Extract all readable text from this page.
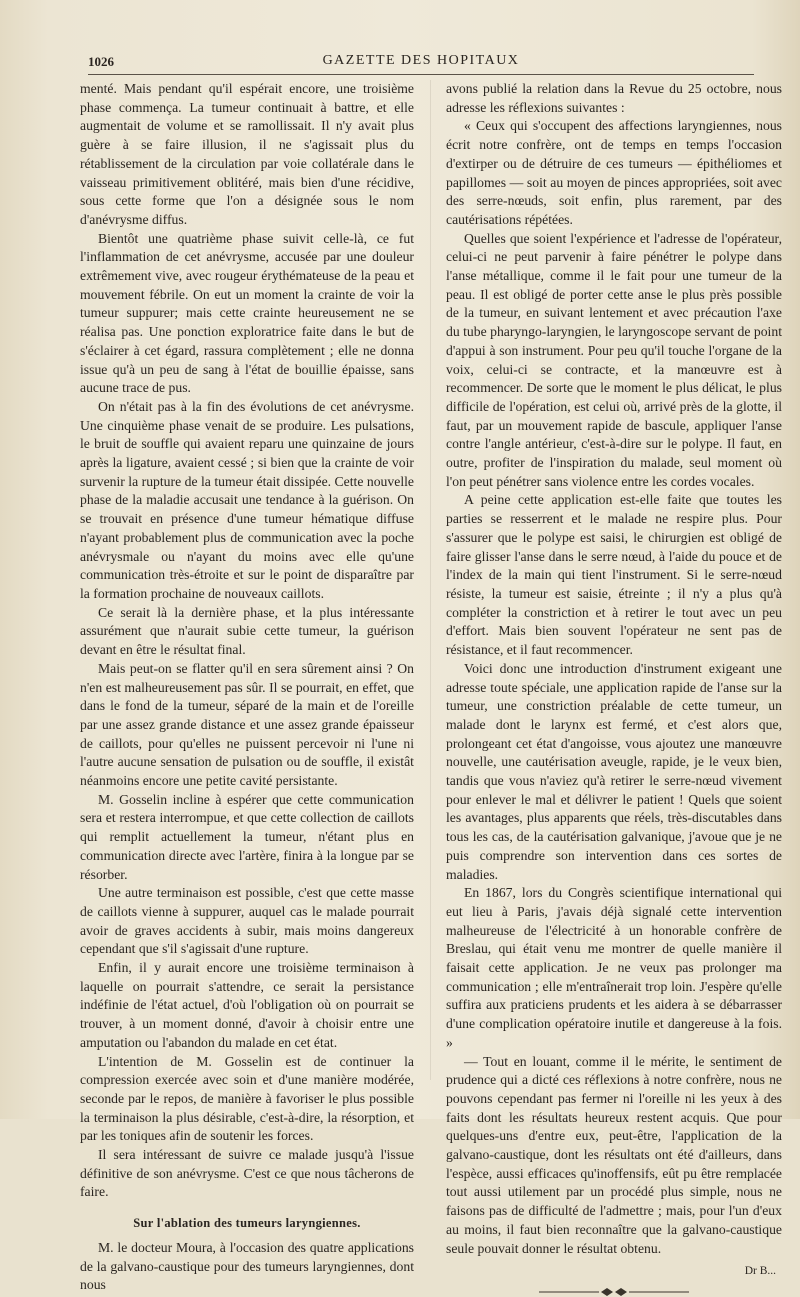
1026	GAZETTE DES HOPITAUX

menté. Mais pendant qu'il espérait encore, une troisième phase commença. La tumeur continuait à battre, et elle augmentait de volume et se ramollissait. Il n'y avait plus guère à se faire illusion, il ne s'agissait plus du rétablissement de la circulation par voie collatérale dans le vaisseau primitivement oblitéré, mais bien d'une récidive, sous cette forme que l'on a désignée sous le nom d'anévrysme diffus.

Bientôt une quatrième phase suivit celle-là, ce fut l'inflammation de cet anévrysme, accusée par une douleur extrêmement vive, avec rougeur érythémateuse de la peau et mouvement fébrile. On eut un moment la crainte de voir la tumeur suppurer; mais cette crainte heureusement ne se réalisa pas. Une ponction exploratrice faite dans le but de s'éclairer à cet égard, rassura complètement ; elle ne donna issue qu'à un peu de sang à l'état de bouillie épaisse, sans aucune trace de pus.

On n'était pas à la fin des évolutions de cet anévrysme. Une cinquième phase venait de se produire. Les pulsations, le bruit de souffle qui avaient reparu une quinzaine de jours après la ligature, avaient cessé ; si bien que la crainte de voir survenir la rupture de la tumeur était dissipée. Cette nouvelle phase de la maladie accusait une tendance à la guérison. On se trouvait en présence d'une tumeur hématique diffuse n'ayant probablement plus de communication avec la poche anévrysmale ou n'ayant du moins avec elle qu'une communication très-étroite et sur le point de disparaître par la formation prochaine de nouveaux caillots.

Ce serait là la dernière phase, et la plus intéressante assurément que n'aurait subie cette tumeur, la guérison devant en être le résultat final.

Mais peut-on se flatter qu'il en sera sûrement ainsi ? On n'en est malheureusement pas sûr. Il se pourrait, en effet, que dans le fond de la tumeur, séparé de la main et de l'oreille par une assez grande distance et une assez grande épaisseur de caillots, pour qu'elles ne puissent percevoir ni l'une ni l'autre aucune sensation de pulsation ou de souffle, il existât néanmoins encore une petite cavité persistante.

M. Gosselin incline à espérer que cette communication sera et restera interrompue, et que cette collection de caillots qui remplit actuellement la tumeur, n'étant plus en communication directe avec l'artère, finira à la longue par se résorber.

Une autre terminaison est possible, c'est que cette masse de caillots vienne à suppurer, auquel cas le malade pourrait avoir de graves accidents à subir, mais moins dangereux cependant que s'il s'agissait d'une rupture.

Enfin, il y aurait encore une troisième terminaison à laquelle on pourrait s'attendre, ce serait la persistance indéfinie de l'état actuel, d'où l'obligation où on pourrait se trouver, à un moment donné, d'avoir à choisir entre une amputation ou l'abandon du malade en cet état.

L'intention de M. Gosselin est de continuer la compression exercée avec soin et d'une manière modérée, seconde par le repos, de manière à favoriser le plus possible la terminaison la plus désirable, c'est-à-dire, la résorption, et par les toniques afin de soutenir les forces.

Il sera intéressant de suivre ce malade jusqu'à l'issue définitive de son anévrysme. C'est ce que nous tâcherons de faire.

Sur l'ablation des tumeurs laryngiennes.

M. le docteur Moura, à l'occasion des quatre applications de la galvano-caustique pour des tumeurs laryngiennes, dont nous

avons publié la relation dans la Revue du 25 octobre, nous adresse les réflexions suivantes :

« Ceux qui s'occupent des affections laryngiennes, nous écrit notre confrère, ont de temps en temps l'occasion d'extirper ou de détruire de ces tumeurs — épithéliomes et papillomes — soit au moyen de pinces appropriées, soit avec des serre-nœuds, soit enfin, plus rarement, par des cautérisations répétées.

Quelles que soient l'expérience et l'adresse de l'opérateur, celui-ci ne peut parvenir à faire pénétrer le polype dans l'anse métallique, comme il le fait pour une tumeur de la peau. Il est obligé de porter cette anse le plus près possible de la tumeur, en suivant lentement et avec précaution l'axe du tube pharyngo-laryngien, le laryngoscope servant de point d'appui à son instrument. Pour peu qu'il touche l'organe de la voix, celui-ci se contracte, et la manœuvre est à recommencer. De sorte que le moment le plus délicat, le plus difficile de l'opération, est celui où, arrivé près de la glotte, il faut, par un mouvement rapide de bascule, appliquer l'anse contre l'angle antérieur, c'est-à-dire sur le polype. Il faut, en outre, profiter de l'inspiration du malade, seul moment où l'on peut pénétrer sans violence entre les cordes vocales.

A peine cette application est-elle faite que toutes les parties se resserrent et le malade ne respire plus. Pour s'assurer que le polype est saisi, le chirurgien est obligé de faire glisser l'anse dans le serre nœud, à l'aide du pouce et de l'index de la main qui tient l'instrument. Si le serre-nœud résiste, la tumeur est saisie, étreinte ; il n'y a plus qu'à compléter la constriction et à retirer le tout avec un peu d'effort. Mais bien souvent l'opérateur ne sent pas de résistance, et il faut recommencer.

Voici donc une introduction d'instrument exigeant une adresse toute spéciale, une application rapide de l'anse sur la tumeur, une constriction préalable de cette tumeur, un malade dont le larynx est fermé, et c'est alors que, prolongeant cet état d'angoisse, vous ajoutez une manœuvre nouvelle, une cautérisation aveugle, rapide, je le veux bien, tandis que vous n'aviez qu'à retirer le serre-nœud vivement pour enlever le mal et délivrer le patient ! Quels que soient les avantages, plus apparents que réels, très-discutables dans tous les cas, de la cautérisation galvanique, j'avoue que je ne puis comprendre son intervention dans ces sortes de maladies.

En 1867, lors du Congrès scientifique international qui eut lieu à Paris, j'avais déjà signalé cette intervention malheureuse de l'électricité à un honorable confrère de Breslau, qui était venu me montrer de quelle manière il faisait cette application. Je ne veux pas prolonger ma communication ; elle m'entraînerait trop loin. J'espère qu'elle suffira aux praticiens prudents et les aidera à se débarrasser d'une complication opératoire inutile et dangereuse à la fois. »

— Tout en louant, comme il le mérite, le sentiment de prudence qui a dicté ces réflexions à notre confrère, nous ne pouvons cependant pas fermer ni l'oreille ni les yeux à des faits dont les résultats heureux restent acquis. Que pour quelques-uns d'entre eux, peut-être, l'application de la galvano-caustique, dont les résultats ont été d'ailleurs, dans l'espèce, aussi efficaces qu'inoffensifs, eût pu être remplacée tout aussi utilement par un procédé plus simple, nous ne faisons pas de difficulté de l'admettre ; mais, pour l'un d'eux au moins, il faut bien reconnaître que la galvano-caustique seule pouvait donner le résultat obtenu.

Dr B...
